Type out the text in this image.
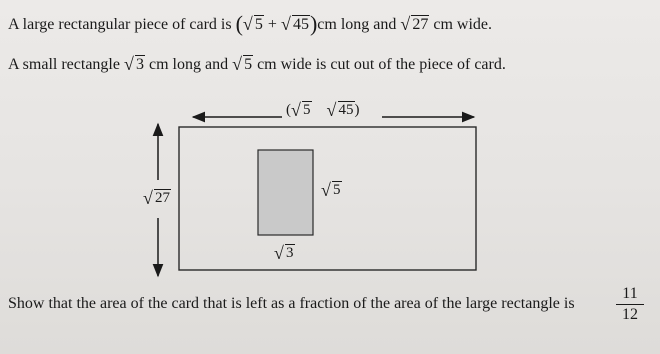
A large rectangular piece of card is ( √ 5 + √ 45)cm long and √ 27 cm wide.
A small rectangle √ 3 cm long and √ 5 cm wide is cut out of the piece of card.
( √ 5 √ 45)
√ 27	√ 5
√ 3
Show that the area of the card that is left as a fraction of the area of the large rectangle is
11
12
